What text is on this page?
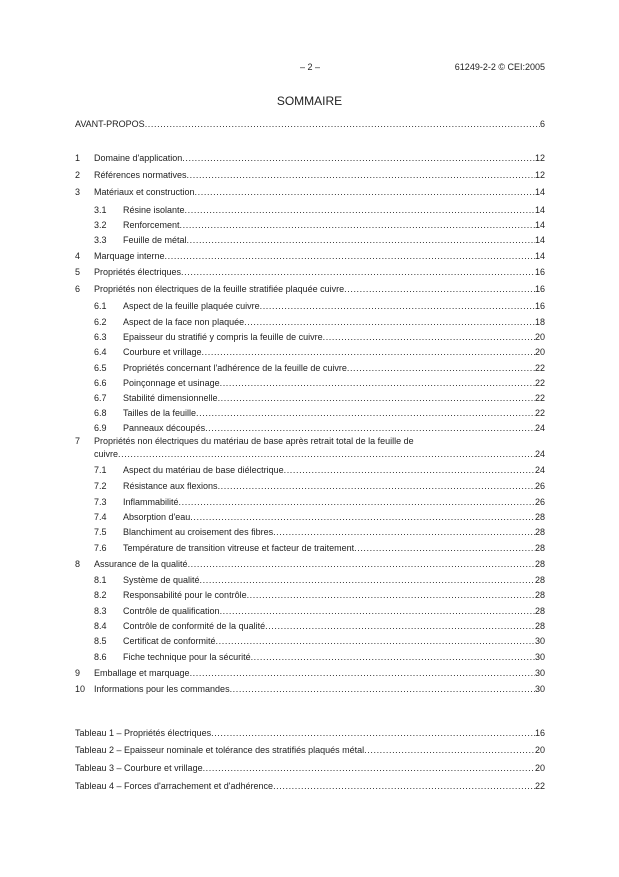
– 2 –	61249-2-2 © CEI:2005
SOMMAIRE
AVANT-PROPOS .....	6
1	Domaine d'application .....	12
2	Références normatives .....	12
3	Matériaux et construction .....	14
3.1	Résine isolante .....	14
3.2	Renforcement .....	14
3.3	Feuille de métal .....	14
4	Marquage interne .....	14
5	Propriétés électriques .....	16
6	Propriétés non électriques de la feuille stratifiée plaquée cuivre .....	16
6.1	Aspect de la feuille plaquée cuivre .....	16
6.2	Aspect de la face non plaquée .....	18
6.3	Epaisseur du stratifié y compris la feuille de cuivre .....	20
6.4	Courbure et vrillage .....	20
6.5	Propriétés concernant l'adhérence de la feuille de cuivre .....	22
6.6	Poinçonnage et usinage .....	22
6.7	Stabilité dimensionnelle .....	22
6.8	Tailles de la feuille .....	22
6.9	Panneaux découpés .....	24
7	Propriétés non électriques du matériau de base après retrait total de la feuille de
cuivre .....	24
7.1	Aspect du matériau de base diélectrique .....	24
7.2	Résistance aux flexions .....	26
7.3	Inflammabilité .....	26
7.4	Absorption d'eau .....	28
7.5	Blanchiment au croisement des fibres .....	28
7.6	Température de transition vitreuse et facteur de traitement .....	28
8	Assurance de la qualité .....	28
8.1	Système de qualité .....	28
8.2	Responsabilité pour le contrôle .....	28
8.3	Contrôle de qualification .....	28
8.4	Contrôle de conformité de la qualité .....	28
8.5	Certificat de conformité .....	30
8.6	Fiche technique pour la sécurité .....	30
9	Emballage et marquage .....	30
10 Informations pour les commandes .....	30
Tableau 1 – Propriétés électriques .....	16
Tableau 2 – Epaisseur nominale et tolérance des stratifiés plaqués métal .....	20
Tableau 3 – Courbure et vrillage .....	20
Tableau 4 – Forces d'arrachement et d'adhérence .....	22
